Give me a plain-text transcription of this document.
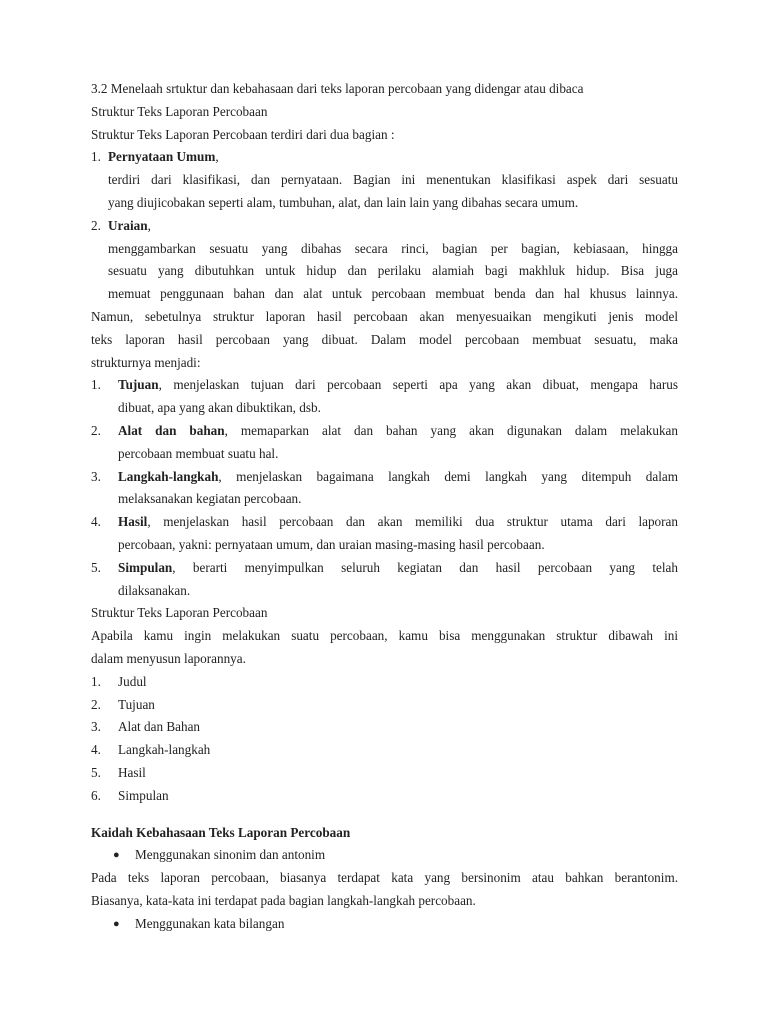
3.2 Menelaah srtuktur dan kebahasaan dari teks laporan percobaan yang didengar atau dibaca

Struktur Teks Laporan Percobaan

Struktur Teks Laporan Percobaan terdiri dari dua bagian :

1. Pernyataan Umum,

terdiri dari klasifikasi, dan pernyataan. Bagian ini menentukan klasifikasi aspek dari sesuatu

yang diujicobakan seperti alam, tumbuhan, alat, dan lain lain yang dibahas secara umum.

2. Uraian,

menggambarkan sesuatu yang dibahas secara rinci, bagian per bagian, kebiasaan, hingga

sesuatu yang dibutuhkan untuk hidup dan perilaku alamiah bagi makhluk hidup. Bisa juga

memuat penggunaan bahan dan alat untuk percobaan membuat benda dan hal khusus lainnya.

Namun, sebetulnya struktur laporan hasil percobaan akan menyesuaikan mengikuti jenis model

teks laporan hasil percobaan yang dibuat. Dalam model percobaan membuat sesuatu, maka

strukturnya menjadi:

1.	Tujuan, menjelaskan tujuan dari percobaan seperti apa yang akan dibuat, mengapa harus

dibuat, apa yang akan dibuktikan, dsb.

2.	Alat dan bahan, memaparkan alat dan bahan yang akan digunakan dalam melakukan

percobaan membuat suatu hal.

3.	Langkah-langkah, menjelaskan bagaimana langkah demi langkah yang ditempuh dalam

melaksanakan kegiatan percobaan.

4.	Hasil, menjelaskan hasil percobaan dan akan memiliki dua struktur utama dari laporan

percobaan, yakni: pernyataan umum, dan uraian masing-masing hasil percobaan.

5.	Simpulan, berarti menyimpulkan seluruh kegiatan dan hasil percobaan yang telah

dilaksanakan.

Struktur Teks Laporan Percobaan

Apabila kamu ingin melakukan suatu percobaan, kamu bisa menggunakan struktur dibawah ini

dalam menyusun laporannya.

1.	Judul
2.	Tujuan
3.	Alat dan Bahan
4.	Langkah-langkah
5.	Hasil
6.	Simpulan

Kaidah Kebahasaan Teks Laporan Percobaan

●	Menggunakan sinonim dan antonim

Pada teks laporan percobaan, biasanya terdapat kata yang bersinonim atau bahkan berantonim.

Biasanya, kata-kata ini terdapat pada bagian langkah-langkah percobaan.

●	Menggunakan kata bilangan
